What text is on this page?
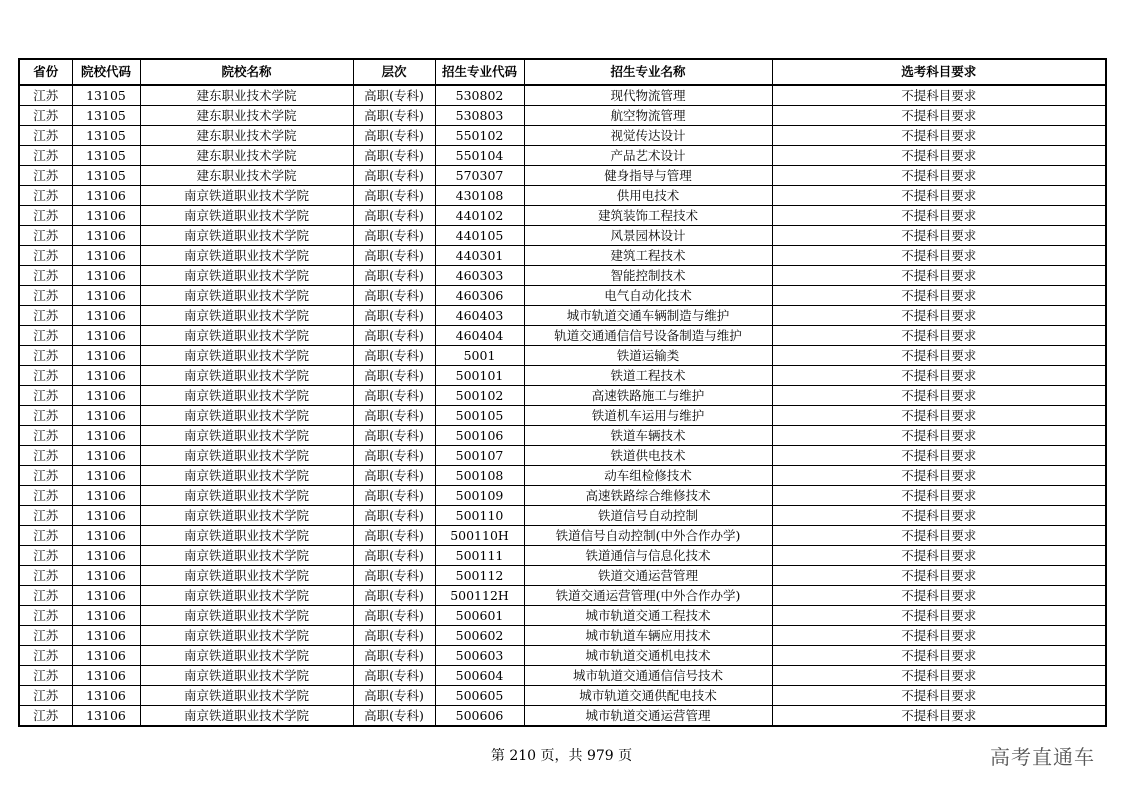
省份	院校代码	院校名称	层次	招生专业代码	招生专业名称	选考科目要求
江苏	13105	建东职业技术学院	高职(专科)	530802	现代物流管理	不提科目要求
江苏	13105	建东职业技术学院	高职(专科)	530803	航空物流管理	不提科目要求
江苏	13105	建东职业技术学院	高职(专科)	550102	视觉传达设计	不提科目要求
江苏	13105	建东职业技术学院	高职(专科)	550104	产品艺术设计	不提科目要求
江苏	13105	建东职业技术学院	高职(专科)	570307	健身指导与管理	不提科目要求
江苏	13106	南京铁道职业技术学院	高职(专科)	430108	供用电技术	不提科目要求
江苏	13106	南京铁道职业技术学院	高职(专科)	440102	建筑装饰工程技术	不提科目要求
江苏	13106	南京铁道职业技术学院	高职(专科)	440105	风景园林设计	不提科目要求
江苏	13106	南京铁道职业技术学院	高职(专科)	440301	建筑工程技术	不提科目要求
江苏	13106	南京铁道职业技术学院	高职(专科)	460303	智能控制技术	不提科目要求
江苏	13106	南京铁道职业技术学院	高职(专科)	460306	电气自动化技术	不提科目要求
江苏	13106	南京铁道职业技术学院	高职(专科)	460403	城市轨道交通车辆制造与维护	不提科目要求
江苏	13106	南京铁道职业技术学院	高职(专科)	460404	轨道交通通信信号设备制造与维护	不提科目要求
江苏	13106	南京铁道职业技术学院	高职(专科)	5001	铁道运输类	不提科目要求
江苏	13106	南京铁道职业技术学院	高职(专科)	500101	铁道工程技术	不提科目要求
江苏	13106	南京铁道职业技术学院	高职(专科)	500102	高速铁路施工与维护	不提科目要求
江苏	13106	南京铁道职业技术学院	高职(专科)	500105	铁道机车运用与维护	不提科目要求
江苏	13106	南京铁道职业技术学院	高职(专科)	500106	铁道车辆技术	不提科目要求
江苏	13106	南京铁道职业技术学院	高职(专科)	500107	铁道供电技术	不提科目要求
江苏	13106	南京铁道职业技术学院	高职(专科)	500108	动车组检修技术	不提科目要求
江苏	13106	南京铁道职业技术学院	高职(专科)	500109	高速铁路综合维修技术	不提科目要求
江苏	13106	南京铁道职业技术学院	高职(专科)	500110	铁道信号自动控制	不提科目要求
江苏	13106	南京铁道职业技术学院	高职(专科)	500110H	铁道信号自动控制(中外合作办学)	不提科目要求
江苏	13106	南京铁道职业技术学院	高职(专科)	500111	铁道通信与信息化技术	不提科目要求
江苏	13106	南京铁道职业技术学院	高职(专科)	500112	铁道交通运营管理	不提科目要求
江苏	13106	南京铁道职业技术学院	高职(专科)	500112H	铁道交通运营管理(中外合作办学)	不提科目要求
江苏	13106	南京铁道职业技术学院	高职(专科)	500601	城市轨道交通工程技术	不提科目要求
江苏	13106	南京铁道职业技术学院	高职(专科)	500602	城市轨道车辆应用技术	不提科目要求
江苏	13106	南京铁道职业技术学院	高职(专科)	500603	城市轨道交通机电技术	不提科目要求
江苏	13106	南京铁道职业技术学院	高职(专科)	500604	城市轨道交通通信信号技术	不提科目要求
江苏	13106	南京铁道职业技术学院	高职(专科)	500605	城市轨道交通供配电技术	不提科目要求
江苏	13106	南京铁道职业技术学院	高职(专科)	500606	城市轨道交通运营管理	不提科目要求
第 210 页，共 979 页	高考直通车
